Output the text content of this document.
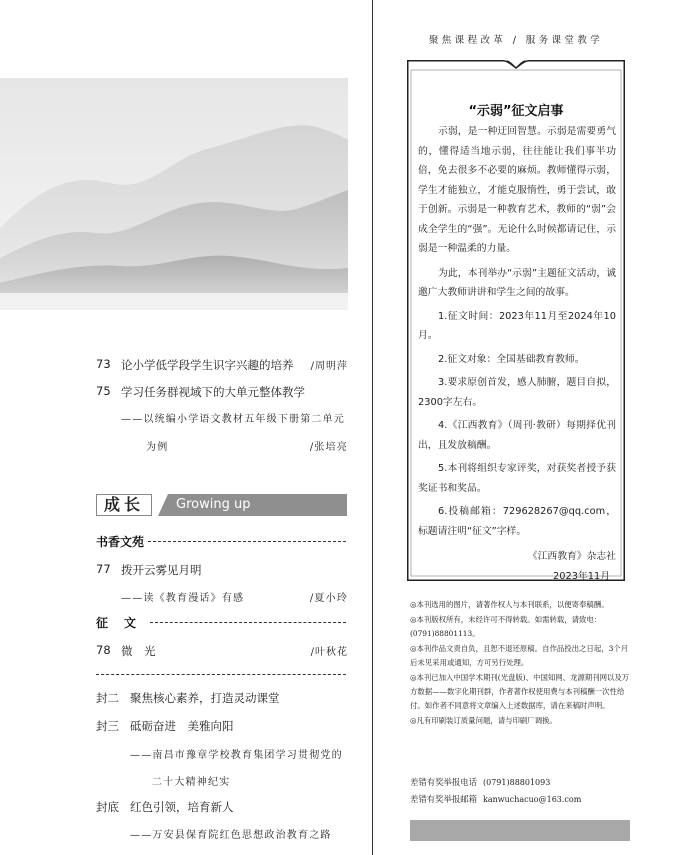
73 论小学低学段学生识字兴趣的培养 /周明萍
75 学习任务群视域下的大单元整体教学
——以统编小学语文教材五年级下册第二单元
为例	/张培亮
成长	Growing up
书香文苑
77 拨开云雾见月明
——读《教育漫话》有感	/夏小玲
征　文
78 微　光	/叶秋花
封二 聚焦核心素养，打造灵动课堂
封三 砥砺奋进　美雅向阳
——南昌市豫章学校教育集团学习贯彻党的
二十大精神纪实
封底 红色引领，培育新人
——万安县保育院红色思想政治教育之路
聚焦课程改革 / 服务课堂教学
“示弱”征文启事
示弱，是一种迂回智慧。示弱是需要勇气的，懂得适当地示弱，往往能让我们事半功倍，免去很多不必要的麻烦。教师懂得示弱，学生才能独立，才能克服惰性，勇于尝试，敢于创新。示弱是一种教育艺术，教师的“弱”会成全学生的“强”。无论什么时候都请记住，示弱是一种温柔的力量。
为此，本刊举办“示弱”主题征文活动，诚邀广大教师讲讲和学生之间的故事。
1.征文时间：2023年11月至2024年10月。
2.征文对象：全国基础教育教师。
3.要求原创首发，感人肺腑，题目自拟，2300字左右。
4.《江西教育》（周刊·教研）每期择优刊出，且发放稿酬。
5.本刊将组织专家评奖，对获奖者授予获奖证书和奖品。
6.投稿邮箱：729628267@qq.com，标题请注明“征文”字样。
《江西教育》杂志社
2023年11月

◎本刊选用的图片，请著作权人与本刊联系，以便寄奉稿酬。

◎本刊版权所有，未经许可不得转载。如需转载，请致电：(0791)88801113。

◎本刊作品文责自负，且恕不退还原稿。自作品投出之日起，3个月后未见采用或通知，方可另行处理。

◎本刊已加入中国学术期刊(光盘版)、中国知网、龙源期刊网以及万方数据——数字化期刊群，作者著作权使用费与本刊稿酬一次性给付。如作者不同意将文章编入上述数据库，请在来稿时声明。

◎凡有印刷装订质量问题，请与印刷厂调换。

差错有奖举报电话 (0791)88801093
差错有奖举报邮箱 kanwuchacuo@163.com
